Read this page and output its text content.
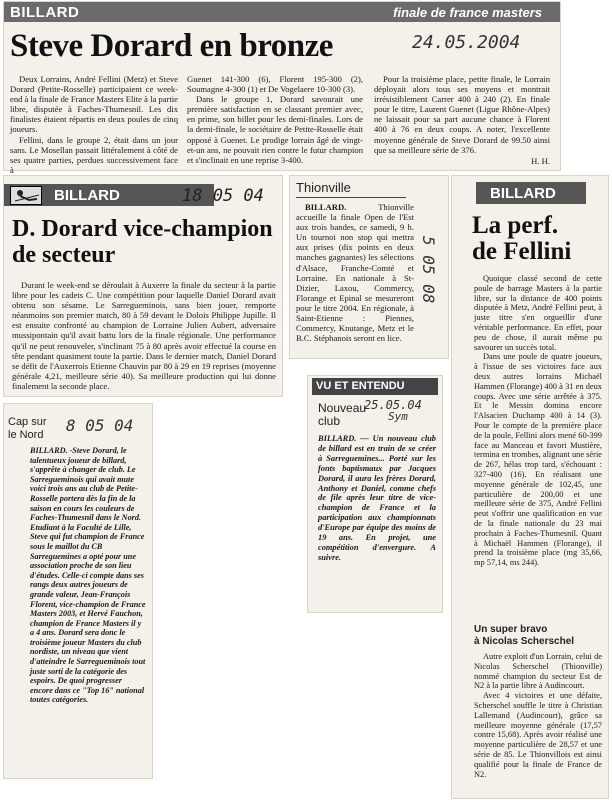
BILLARD	finale de france masters
Steve Dorard en bronze	24.05.2004

Deux Lorrains, André Fellini (Metz) et Steve Dorard (Petite-Rosselle) participaient ce week-end à la finale de France Masters Elite à la partie libre, disputée à Faches-Thumesnil. Les dix finalistes étaient répartis en deux poules de cinq joueurs.

Fellini, dans le groupe 2, était dans un jour sans. Le Mosellan passait littéralement à côté de ses quatre parties, perdues successivement face à

Guenet 141-300 (6), Florent 195-300 (2), Soumagne 4-300 (1) et De Vogelaere 10-300 (3).

Dans le groupe 1, Dorard savourait une première satisfaction en se classant premier avec, en prime, son billet pour les demi-finales. Lors de la demi-finale, le sociétaire de Petite-Rosselle était opposé à Guenet. Le prodige lorrain âgé de vingt-et-un ans, ne pouvait rien contre le futur champion et s'inclinait en une reprise 3-400.

Pour la troisième place, petite finale, le Lorrain déployait alors tous ses moyens et montrait irrésistiblement Carrer 400 à 240 (2). En finale pour le titre, Laurent Guenet (Ligue Rhône-Alpes) ne laissait pour sa part aucune chance à Florent 400 à 76 en deux coups. A noter, l'excellente moyenne générale de Steve Dorard de 99.50 ainsi que sa meilleure série de 376.

H. H.
BILLARD	18 05 04
D. Dorard vice-champion
de secteur

Durant le week-end se déroulait à Auxerre la finale du secteur à la partie libre pour les cadets C. Une compétition pour laquelle Daniel Dorard avait obtenu son sésame. Le Sarregueminois, sans bien jouer, remporte néanmoins son premier match, 80 à 59 devant le Dolois Philippe Jupille. Il est ensuite confronté au champion de Lorraine Julien Aubert, adversaire mussipontain qu'il avait battu lors de la finale régionale. Une performance qu'il ne peut renouveler, s'inclinant 75 à 80 après avoir effectué la course en tête pendant quasiment toute la partie. Dans le dernier match, Daniel Dorard se défit de l'Auxerrois Etienne Chauvin par 80 à 29 en 19 reprises (moyenne générale 4,21, meilleure série 40). Sa meilleure production qui lui donne finalement la seconde place.

Thionville

BILLARD.	Thionville accueille la finale Open de l'Est aux trois bandes, ce samedi, 9 h. Un tournoi non stop qui mettra aux prises (dix points en deux manches gagnantes) les sélections d'Alsace, Franche-Comté et Lorraine. En nationale à St-Dizier, Laxou, Commercy, Florange et Epinal se mesureront pour le titre 2004. En régionale, à Saint-Etienne : Piennes, Commercy, Knutange, Metz et le B.C. Stéphanois seront en lice.

5 05 08
BILLARD
La perf.
de Fellini

Quoique classé second de cette poule de barrage Masters à la partie libre, sur la distance de 400 points disputée à Metz, André Fellini peut, à juste titre s'en orgueillir d'une véritable performance. En effet, pour peu de chose, il aurait même pu savourer un succès total.

Dans une poule de quatre joueurs, à l'issue de ses victoires face aux deux autres lorrains Michaël Hammen (Florange) 400 à 31 en deux coups. Avec une série arrêtée à 375. Et le Messin domina encore l'Alsacien Duchamp 400 à 14 (3). Pour le compte de la première place de la poule, Fellini alors mené 60-399 face au Manceau et favori Mustière, termina en trombes, alignant une série de 267, hélas trop tard, s'échouant : 327-400 (16). En réalisant une moyenne générale de 102,45, une particulière de 200,00 et une meilleure série de 375, André Fellini peut s'offrir une qualification en vue de la finale nationale du 23 mai prochain à Faches-Thumesnil. Quant à Michaël Hammen (Florange), il prend la troisième place (mg 35,66, mp 57,14, ms 244).

Un super bravo
à Nicolas Scherschel

Autre exploit d'un Lorrain, celui de Nicolas Scherschel (Thionville) nommé champion du secteur Est de N2 à la partie libre à Audincourt.

Avec 4 victoires et une défaite, Scherschel souffle le titre à Christian Lallemand (Audincourt), grâce sa meilleure moyenne générale (17,57 contre 15,68). Après avoir réalisé une moyenne particulière de 28,57 et une série de 85. Le Thionvillois est ainsi qualifié pour la finale de France de N2.

VU ET ENTENDU
25.05.04
Sym
Nouveau club

BILLARD. — Un nouveau club de billard est en train de se créer à Sarreguemines... Porté sur les fonts baptismaux par Jacques Dorard, il aura les frères Dorard, Anthony et Daniel, comme chefs de file après leur titre de vice-champion de France et la participation aux championnats d'Europe par équipe des moins de 19 ans. En projet, une compétition d'envergure. A suivre.

Cap sur
le Nord 8 05 04

BILLARD. -Steve Dorard, le talentueux joueur de billard, s'apprête à changer de club. Le Sarregueminois qui avait mute voici trois ans au club de Petite-Rosselle portera dès la fin de la saison en cours les couleurs de Faches-Thumesnil dans le Nord. Etudiant à la Faculté de Lille, Steve qui fut champion de France sous le maillot du CB Sarreguemines a opté pour une association proche de son lieu d'études. Celle-ci compte dans ses rangs deux autres joueurs de grande valeur, Jean-François Florent, vice-champion de France Masters 2003, et Hervé Fauchon, champion de France Masters il y a 4 ans. Dorard sera donc le troisième joueur Masters du club nordiste, un niveau que vient d'atteindre le Sarregueminois tout juste sorti de la catégorie des espoirs. De quoi progresser encore dans ce "Top 16" national toutes catégories.
